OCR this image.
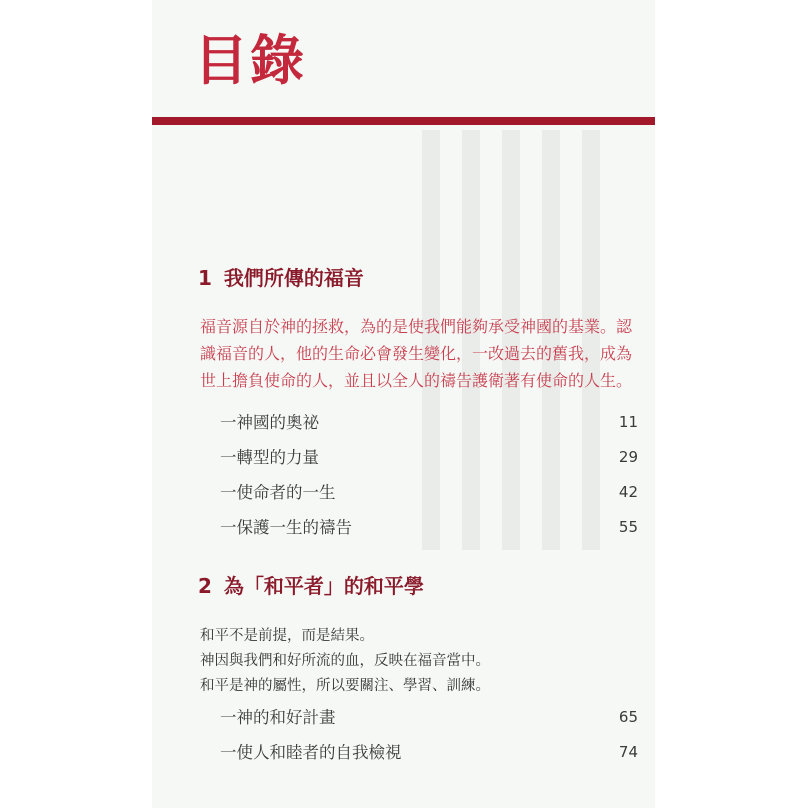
目錄
1 我們所傳的福音

福音源自於神的拯救，為的是使我們能夠承受神國的基業。認

識福音的人，他的生命必會發生變化，一改過去的舊我，成為

世上擔負使命的人，並且以全人的禱告護衛著有使命的人生。

一神國的奧祕	11
一轉型的力量	29
一使命者的一生	42
一保護一生的禱告	55
2 為「和平者」的和平學

和平不是前提，而是結果。

神因與我們和好所流的血，反映在福音當中。

和平是神的屬性，所以要關注、學習、訓練。

一神的和好計畫	65
一使人和睦者的自我檢視	74
